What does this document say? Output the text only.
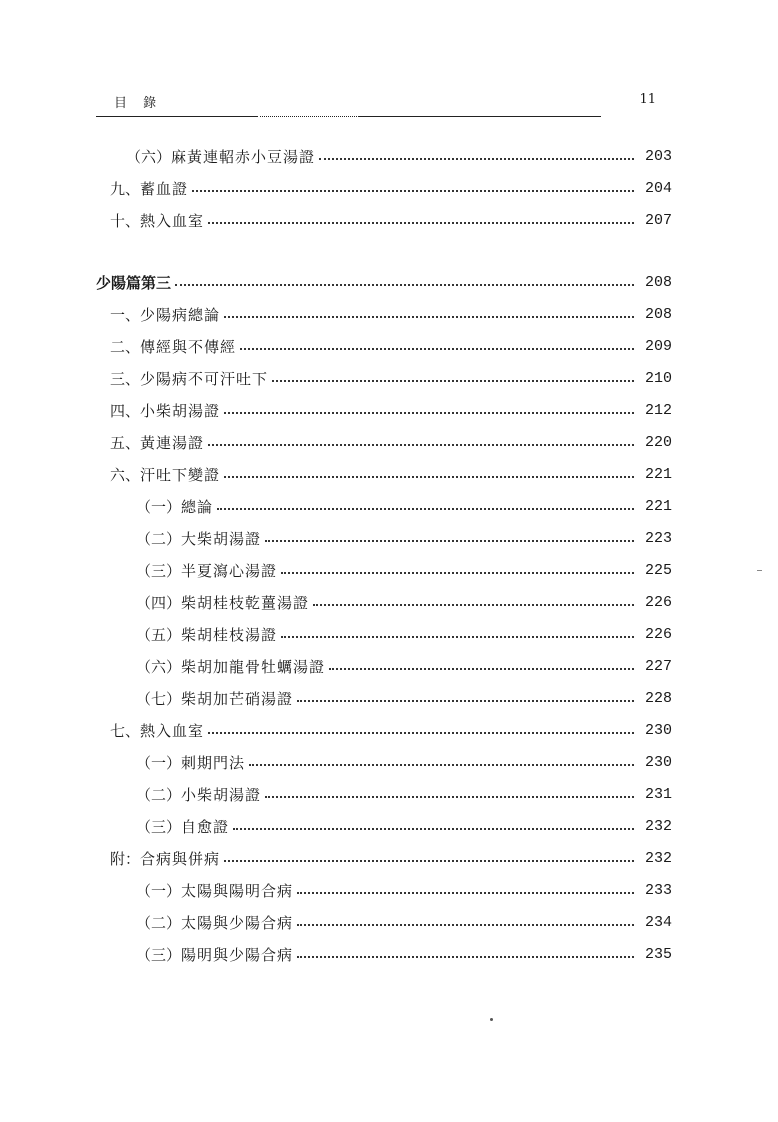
目 錄	11
（六） 麻黃連軺赤小豆湯證	203
九、 蓄血證	204
十、 熱入血室	207
少陽篇第三	208
一、 少陽病總論	208
二、 傳經與不傳經	209
三、 少陽病不可汗吐下	210
四、 小柴胡湯證	212
五、 黃連湯證	220
六、 汗吐下變證	221
（一） 總論	221
（二） 大柴胡湯證	223
（三） 半夏瀉心湯證	225
（四） 柴胡桂枝乾薑湯證	226
（五） 柴胡桂枝湯證	226
（六） 柴胡加龍骨牡蠣湯證	227
（七） 柴胡加芒硝湯證	228
七、 熱入血室	230
（一） 刺期門法	230
（二） 小柴胡湯證	231
（三） 自愈證	232
附： 合病與併病	232
（一） 太陽與陽明合病	233
（二） 太陽與少陽合病	234
（三） 陽明與少陽合病	235
